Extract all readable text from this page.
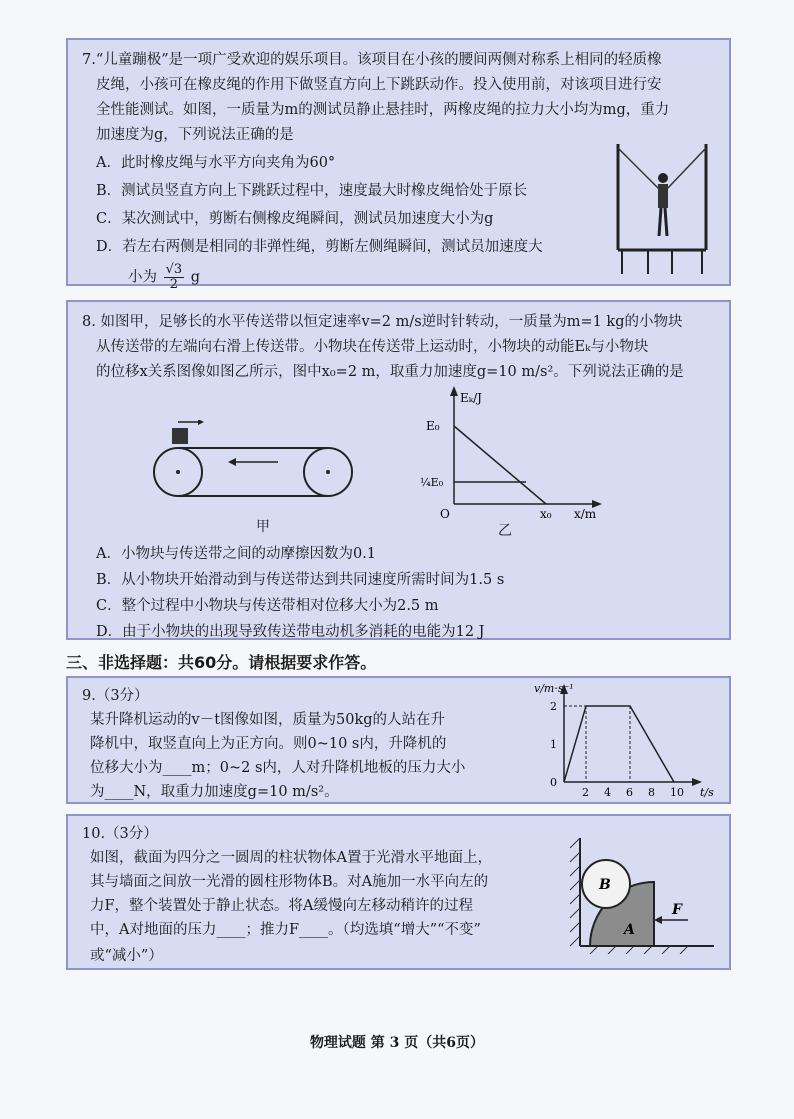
7.“儿童蹦极”是一项广受欢迎的娱乐项目。该项目在小孩的腰间两侧对称系上相同的轻质橡
皮绳，小孩可在橡皮绳的作用下做竖直方向上下跳跃动作。投入使用前，对该项目进行安
全性能测试。如图，一质量为m的测试员静止悬挂时，两橡皮绳的拉力大小均为mg，重力
加速度为g，下列说法正确的是
A．此时橡皮绳与水平方向夹角为60°
B．测试员竖直方向上下跳跃过程中，速度最大时橡皮绳恰处于原长
C．某次测试中，剪断右侧橡皮绳瞬间，测试员加速度大小为g
D．若左右两侧是相同的非弹性绳，剪断左侧绳瞬间，测试员加速度大
小为 $\frac{√3}{2}$ g
8. 如图甲，足够长的水平传送带以恒定速率v=2 m/s逆时针转动，一质量为m=1 kg的小物块
从传送带的左端向右滑上传送带。小物块在传送带上运动时，小物块的动能Eₖ与小物块
的位移x关系图像如图乙所示，图中x₀=2 m，取重力加速度g=10 m/s²。下列说法正确的是
甲
Eₖ/J
E₀
¼E₀
O	x₀ x/m
乙
A．小物块与传送带之间的动摩擦因数为0.1
B．从小物块开始滑动到与传送带达到共同速度所需时间为1.5 s
C．整个过程中小物块与传送带相对位移大小为2.5 m
D．由于小物块的出现导致传送带电动机多消耗的电能为12 J
三、非选择题：共60分。请根据要求作答。
9.（3分）
某升降机运动的v－t图像如图，质量为50kg的人站在升
降机中，取竖直向上为正方向。则0~10 s内，升降机的
位移大小为____m；0~2 s内，人对升降机地板的压力大小
为____N，取重力加速度g=10 m/s²。	2 4 6 8 10
0
1
2
v/m·s⁻¹
t/s
10.（3分）
如图，截面为四分之一圆周的柱状物体A置于光滑水平地面上，
其与墙面之间放一光滑的圆柱形物体B。对A施加一水平向左的
力F，整个装置处于静止状态。将A缓慢向左移动稍许的过程
中，A对地面的压力____；推力F____。（均选填“增大”“不变”
或“减小”）
B
A
F
物理试题 第 3 页（共6页）
